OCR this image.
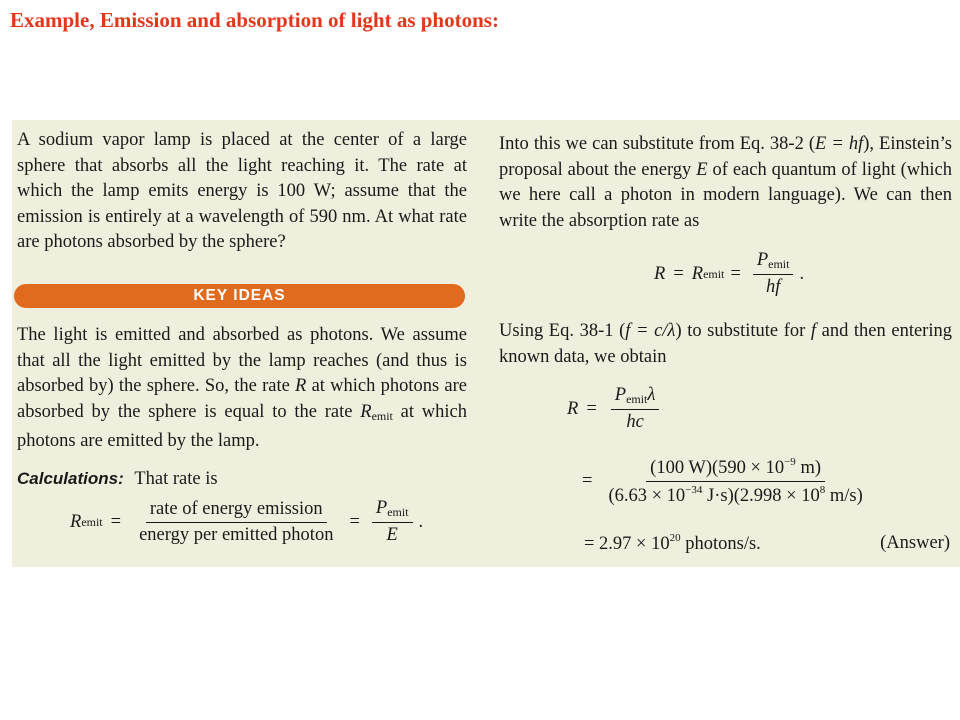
Example, Emission and absorption of light as photons:

A sodium vapor lamp is placed at the center of a large sphere that absorbs all the light reaching it. The rate at which the lamp emits energy is 100 W; assume that the emission is entirely at a wavelength of 590 nm. At what rate are photons absorbed by the sphere?

KEY IDEAS

The light is emitted and absorbed as photons. We assume that all the light emitted by the lamp reaches (and thus is absorbed by) the sphere. So, the rate R at which photons are absorbed by the sphere is equal to the rate $R_{emit}$ at which photons are emitted by the lamp.

Calculations: That rate is
R emit = $\frac{\text{rate of energy emission}}{\text{energy per emitted photon}} = \frac{P_{emit}}{E}$ .

Into this we can substitute from Eq. 38-2 (E = hf), Einstein’s proposal about the energy E of each quantum of light (which we here call a photon in modern language). We can then write the absorption rate as

R = R emit = $\frac{P_{emit}}{hf}$ .

Using Eq. 38-1 (f = c/λ) to substitute for f and then entering known data, we obtain

$R = \frac{P_{emit}\lambda}{hc}$
= $\frac{(100 W)(590 \times 10^{-9} m)}{(6.63 \times 10^{-34} J\cdot s)(2.998 \times 10^8 m/s)}$
= $2.97 \times 10^{20}$ photons/s.	(Answer)
